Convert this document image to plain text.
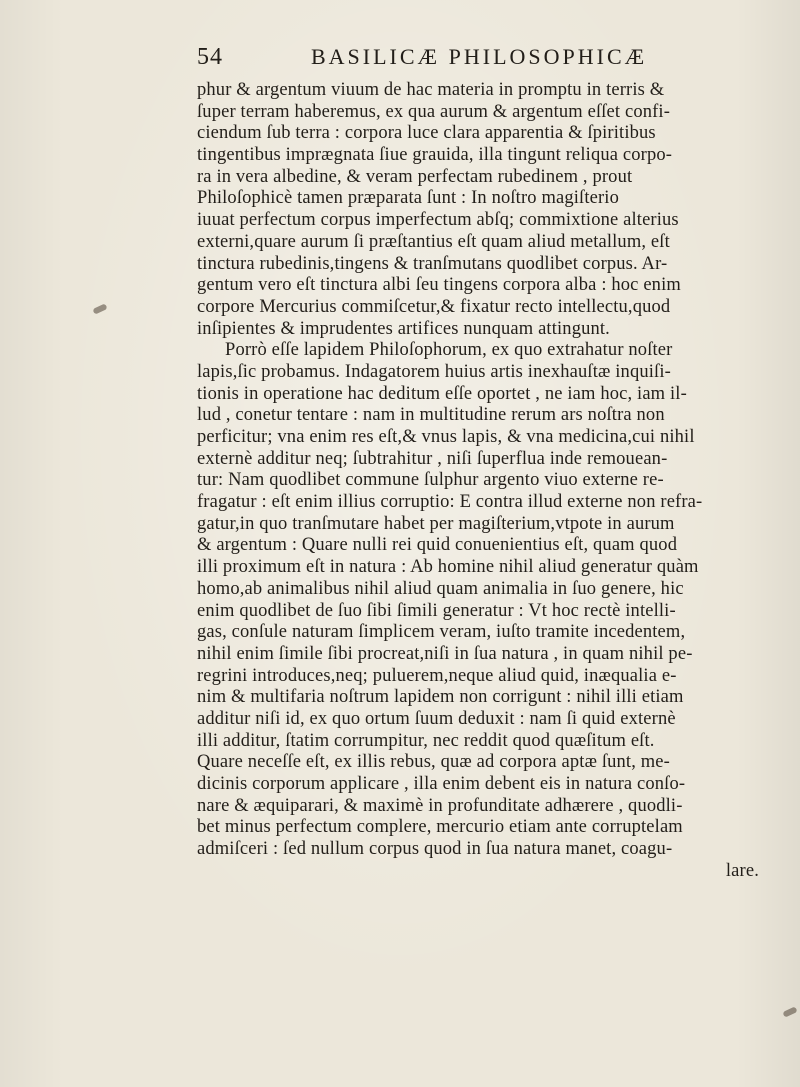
54	BASILICÆ PHILOSOPHICÆ
phur & argentum viuum de hac materia in promptu in terris &
ſuper terram haberemus, ex qua aurum & argentum eſſet confi-
ciendum ſub terra : corpora luce clara apparentia & ſpiritibus
tingentibus imprægnata ſiue grauida, illa tingunt reliqua corpo-
ra in vera albedine, & veram perfectam rubedinem , prout
Philoſophicè tamen præparata ſunt : In noſtro magiſterio
iuuat perfectum corpus imperfectum abſq; commixtione alterius
externi,quare aurum ſi præſtantius eſt quam aliud metallum, eſt
tinctura rubedinis,tingens & tranſmutans quodlibet corpus. Ar-
gentum vero eſt tinctura albi ſeu tingens corpora alba : hoc enim
corpore Mercurius commiſcetur,& fixatur recto intellectu,quod
inſipientes & imprudentes artifices nunquam attingunt.
Porrò eſſe lapidem Philoſophorum, ex quo extrahatur noſter
lapis,ſic probamus. Indagatorem huius artis inexhauſtæ inquiſi-
tionis in operatione hac deditum eſſe oportet , ne iam hoc, iam il-
lud , conetur tentare : nam in multitudine rerum ars noſtra non
perficitur; vna enim res eſt,& vnus lapis, & vna medicina,cui nihil
externè additur neq; ſubtrahitur , niſi ſuperflua inde remouean-
tur: Nam quodlibet commune ſulphur argento viuo externe re-
fragatur : eſt enim illius corruptio: E contra illud externe non refra-
gatur,in quo tranſmutare habet per magiſterium,vtpote in aurum
& argentum : Quare nulli rei quid conuenientius eſt, quam quod
illi proximum eſt in natura : Ab homine nihil aliud generatur quàm
homo,ab animalibus nihil aliud quam animalia in ſuo genere, hic
enim quodlibet de ſuo ſibi ſimili generatur : Vt hoc rectè intelli-
gas, conſule naturam ſimplicem veram, iuſto tramite incedentem,
nihil enim ſimile ſibi procreat,niſi in ſua natura , in quam nihil pe-
regrini introduces,neq; puluerem,neque aliud quid, inæqualia e-
nim & multifaria noſtrum lapidem non corrigunt : nihil illi etiam
additur niſi id, ex quo ortum ſuum deduxit : nam ſi quid externè
illi additur, ſtatim corrumpitur, nec reddit quod quæſitum eſt.
Quare neceſſe eſt, ex illis rebus, quæ ad corpora aptæ ſunt, me-
dicinis corporum applicare , illa enim debent eis in natura conſo-
nare & æquiparari, & maximè in profunditate adhærere , quodli-
bet minus perfectum complere, mercurio etiam ante corruptelam
admiſceri : ſed nullum corpus quod in ſua natura manet, coagu-
lare.
